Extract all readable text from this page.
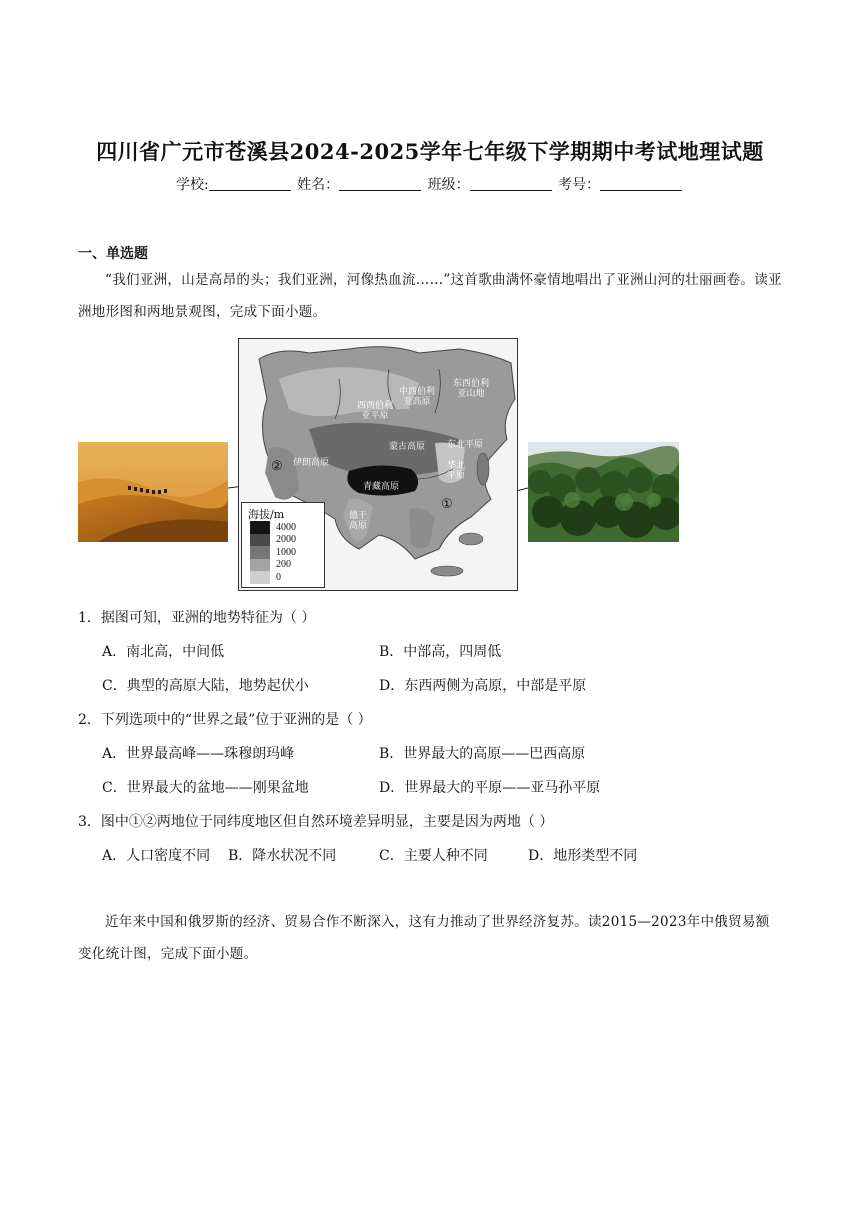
四川省广元市苍溪县2024-2025学年七年级下学期期中考试地理试题
学校:	姓名：	班级：	考号：
一、单选题
“我们亚洲，山是高昂的头；我们亚洲，河像热血流……”这首歌曲满怀豪情地唱出了亚洲山河的壮丽画卷。读亚洲地形图和两地景观图，完成下面小题。
西西伯利
亚平原
中西伯利
亚高原
东西伯利
亚山地
蒙古高原
伊朗高原
青藏高原
东北平原
华北
平原
德干
高原
②
①
海拔/m
4000
2000
1000
200
0
1．据图可知，亚洲的地势特征为（ ）
A．南北高，中间低	B．中部高，四周低
C．典型的高原大陆，地势起伏小	D．东西两侧为高原，中部是平原
2．下列选项中的“世界之最”位于亚洲的是（ ）
A．世界最高峰——珠穆朗玛峰	B．世界最大的高原——巴西高原
C．世界最大的盆地——刚果盆地	D．世界最大的平原——亚马孙平原
3．图中①②两地位于同纬度地区但自然环境差异明显，主要是因为两地（ ）
A．人口密度不同 B．降水状况不同	C．主要人种不同	D．地形类型不同
近年来中国和俄罗斯的经济、贸易合作不断深入，这有力推动了世界经济复苏。读2015—2023年中俄贸易额变化统计图，完成下面小题。
